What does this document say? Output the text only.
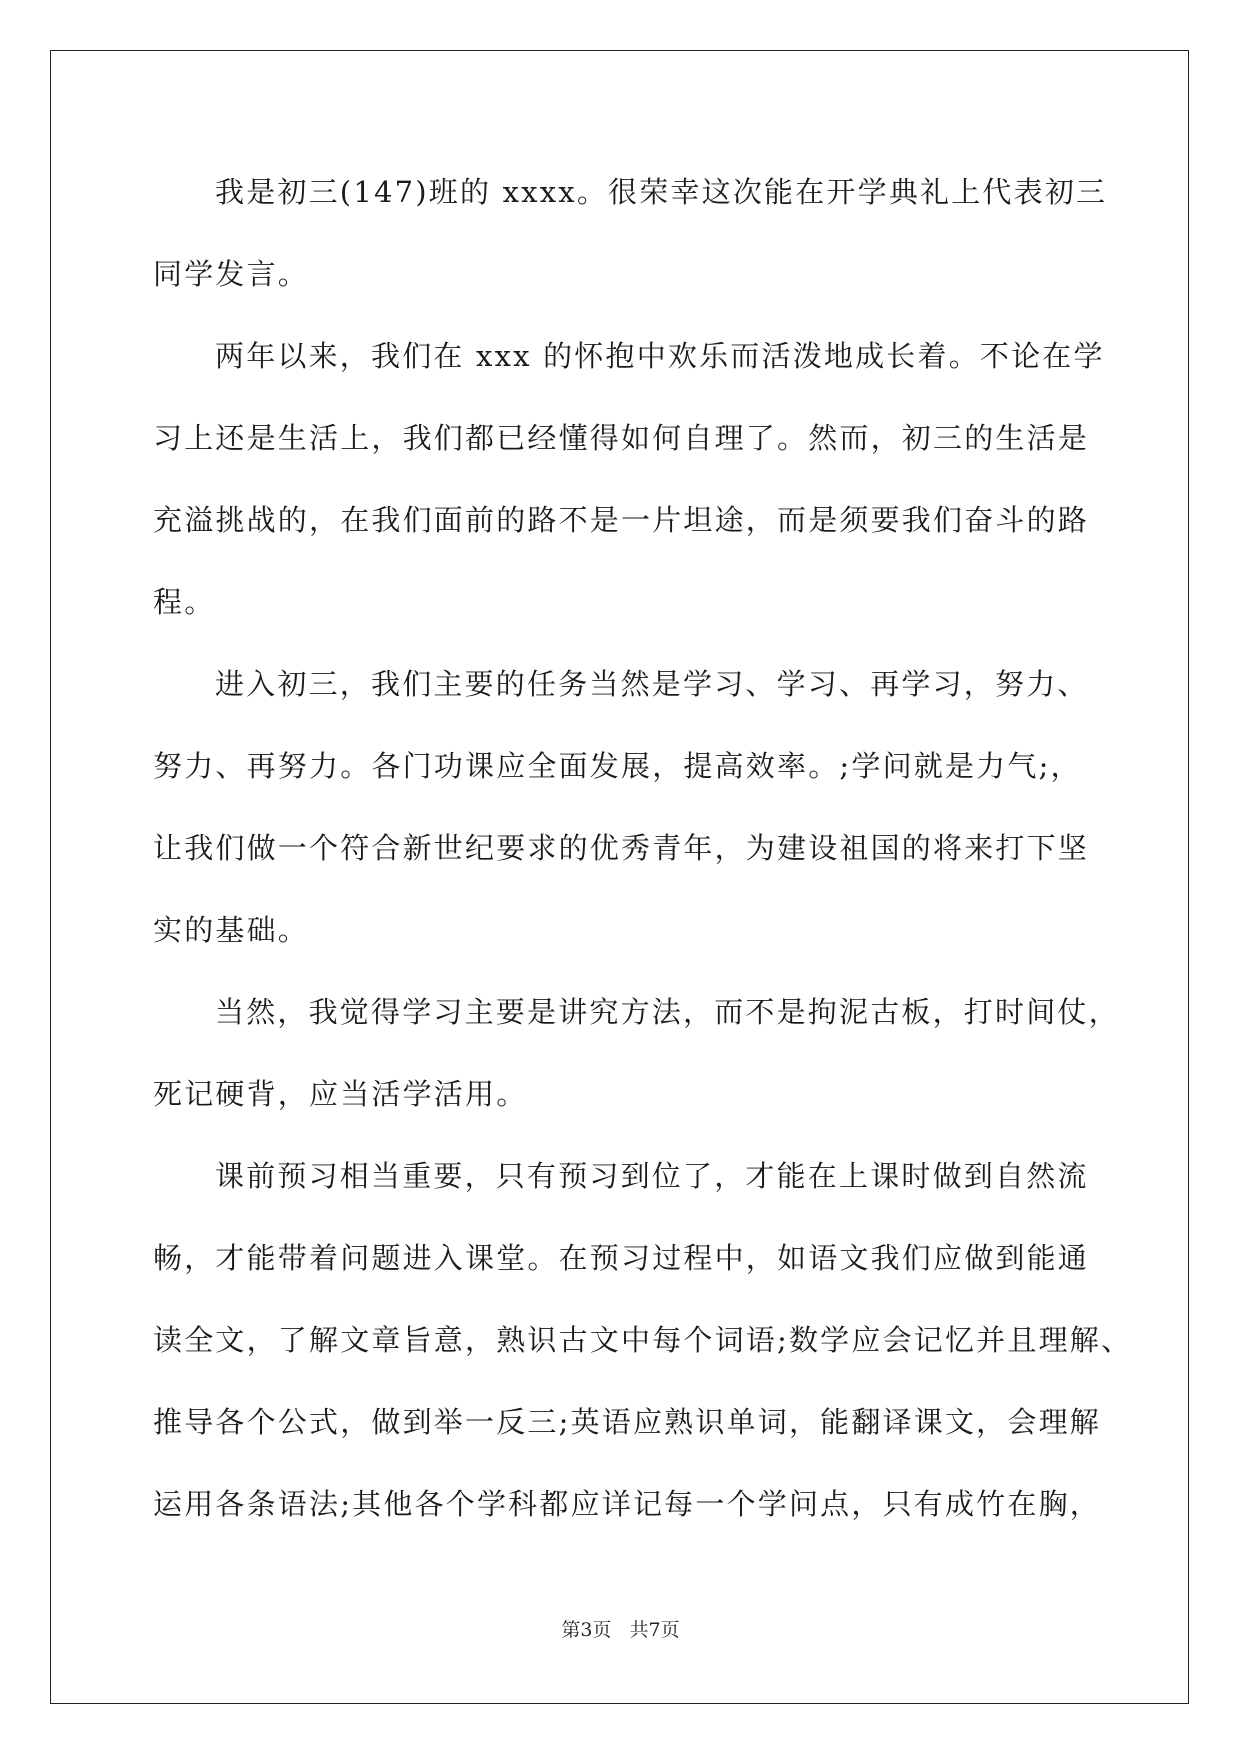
我是初三(147)班的 xxxx。很荣幸这次能在开学典礼上代表初三
同学发言。
两年以来，我们在 xxx 的怀抱中欢乐而活泼地成长着。不论在学
习上还是生活上，我们都已经懂得如何自理了。然而，初三的生活是
充溢挑战的，在我们面前的路不是一片坦途，而是须要我们奋斗的路
程。
进入初三，我们主要的任务当然是学习、学习、再学习，努力、
努力、再努力。各门功课应全面发展，提高效率。;学问就是力气;，
让我们做一个符合新世纪要求的优秀青年，为建设祖国的将来打下坚
实的基础。
当然，我觉得学习主要是讲究方法，而不是拘泥古板，打时间仗，
死记硬背，应当活学活用。
课前预习相当重要，只有预习到位了，才能在上课时做到自然流
畅，才能带着问题进入课堂。在预习过程中，如语文我们应做到能通
读全文，了解文章旨意，熟识古文中每个词语;数学应会记忆并且理解、
推导各个公式，做到举一反三;英语应熟识单词，能翻译课文，会理解
运用各条语法;其他各个学科都应详记每一个学问点，只有成竹在胸，
第3页 共7页
